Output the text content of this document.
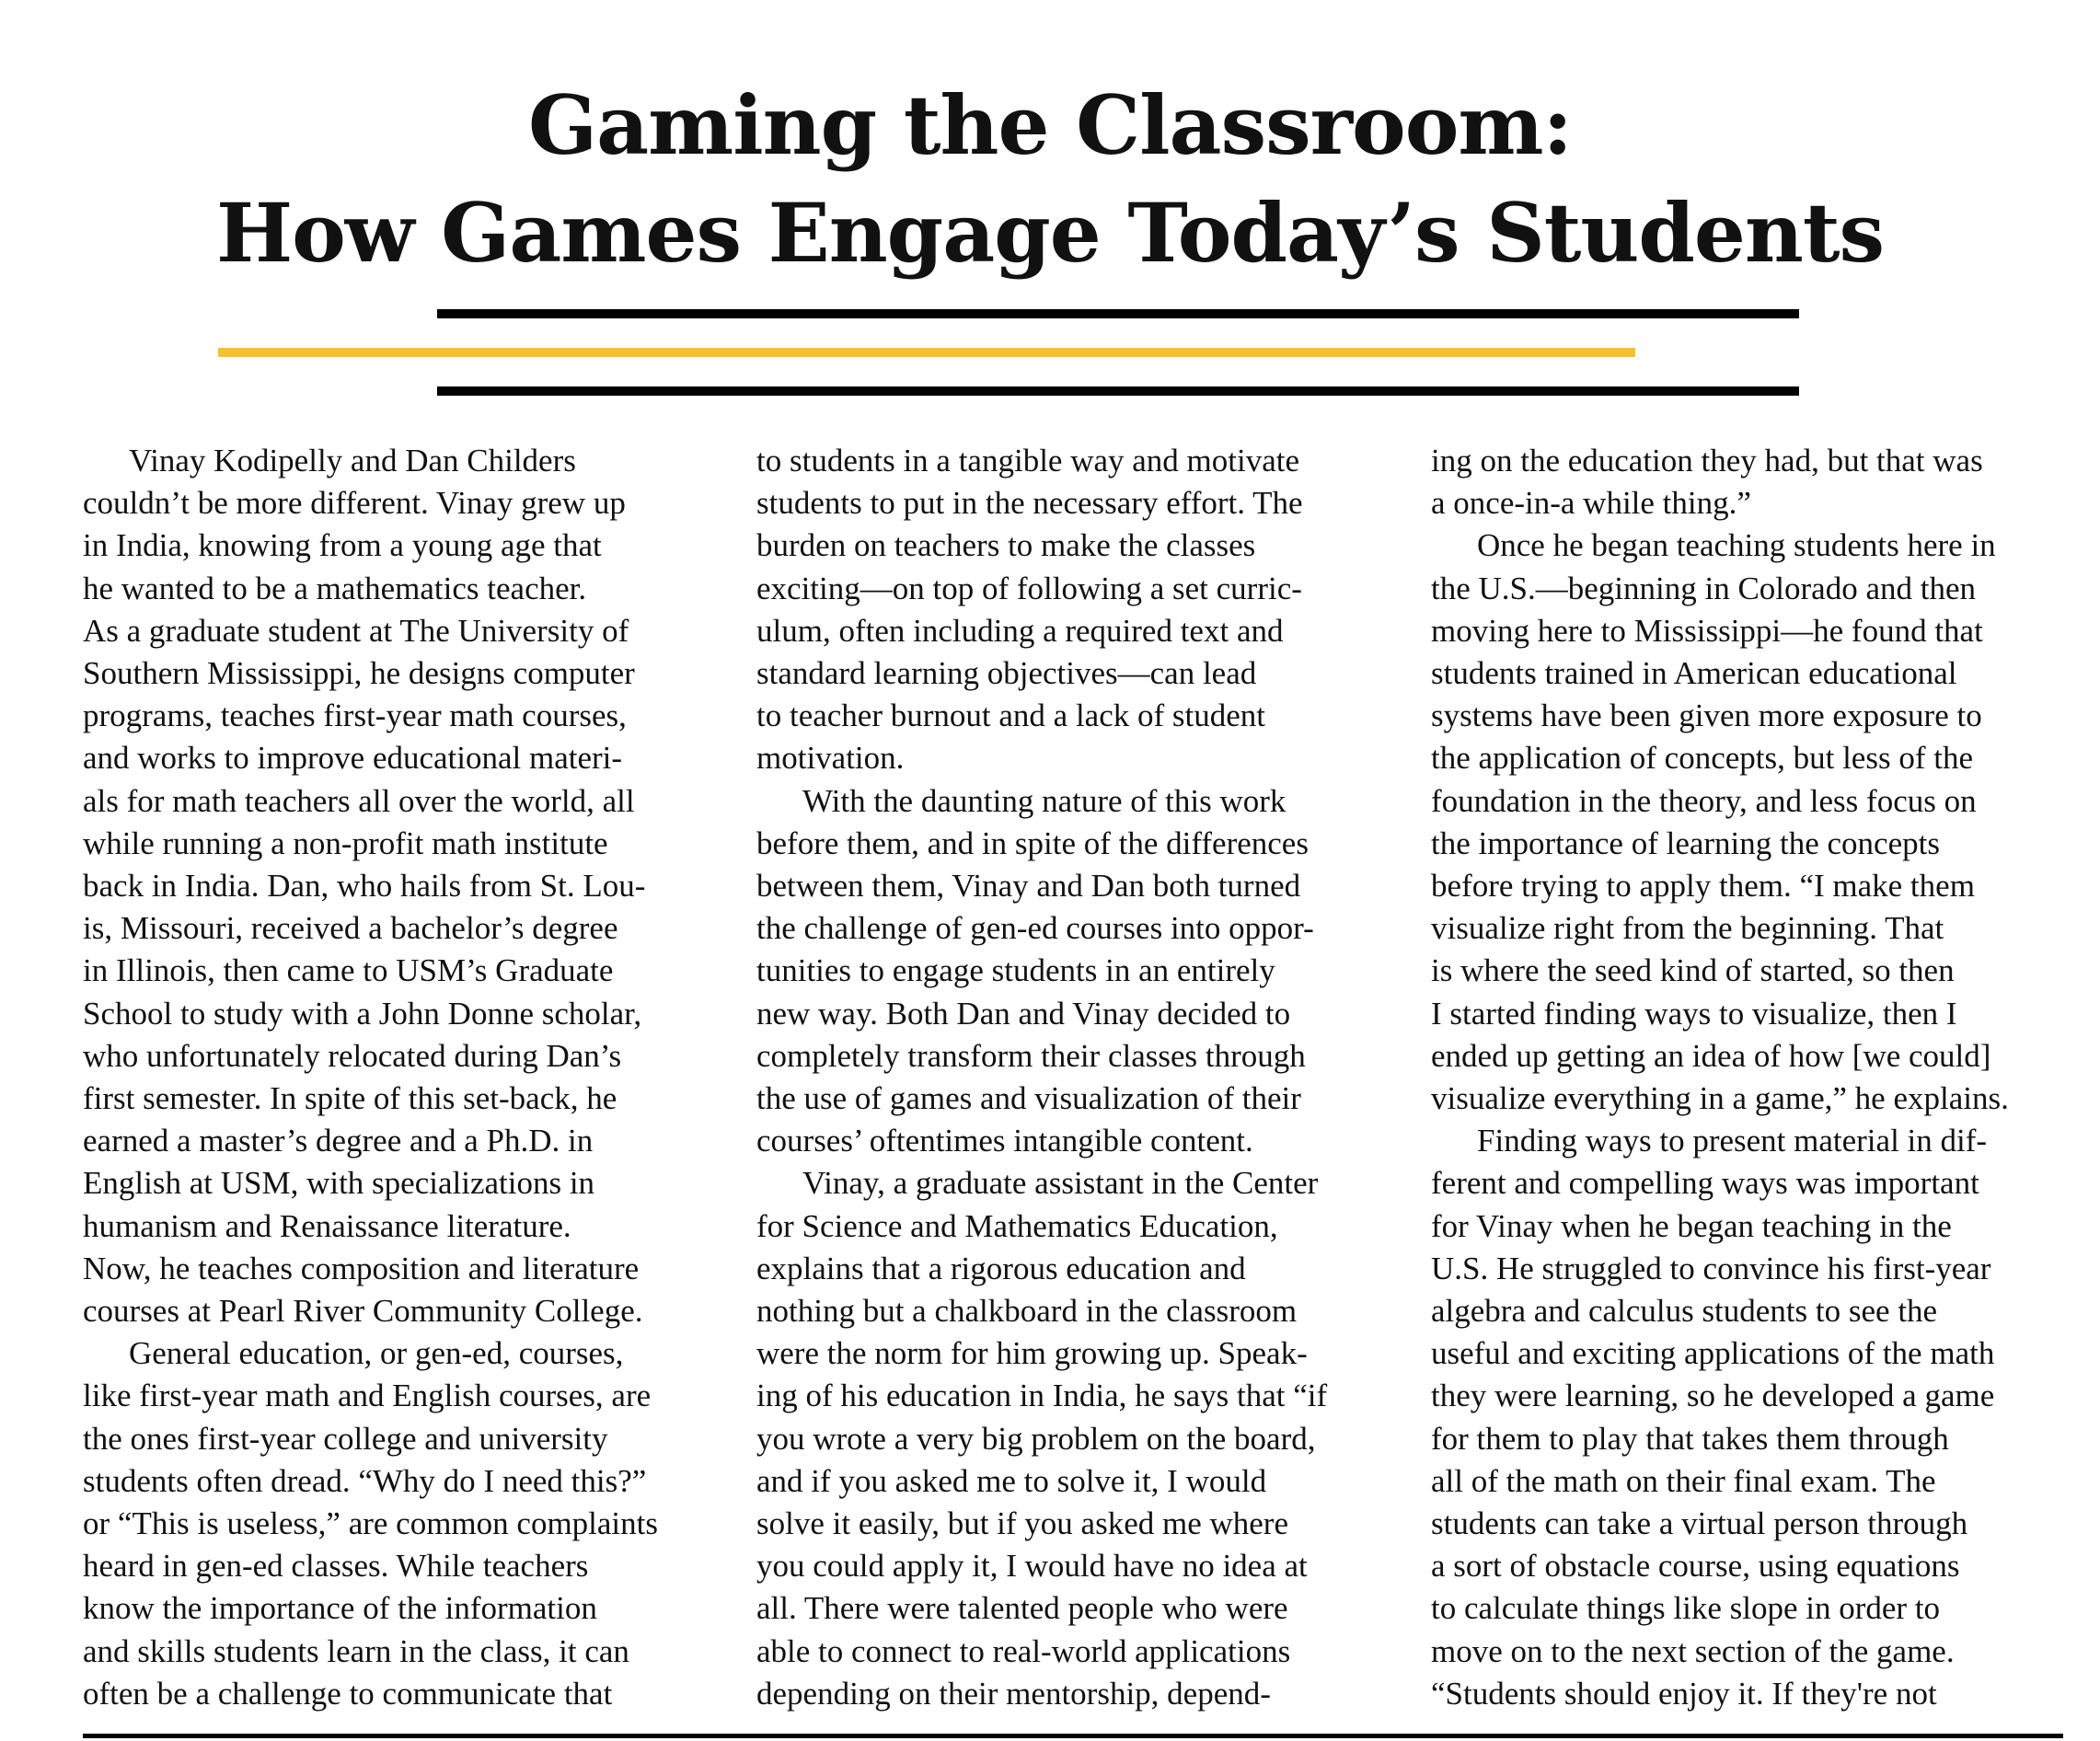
Gaming the Classroom:
How Games Engage Today’s Students

Vinay Kodipelly and Dan Childers
couldn’t be more different. Vinay grew up
in India, knowing from a young age that
he wanted to be a mathematics teacher.
As a graduate student at The University of
Southern Mississippi, he designs computer
programs, teaches first-year math courses,
and works to improve educational materi-
als for math teachers all over the world, all
while running a non-profit math institute
back in India. Dan, who hails from St. Lou-
is, Missouri, received a bachelor’s degree
in Illinois, then came to USM’s Graduate
School to study with a John Donne scholar,
who unfortunately relocated during Dan’s
first semester. In spite of this set-back, he
earned a master’s degree and a Ph.D. in
English at USM, with specializations in
humanism and Renaissance literature.
Now, he teaches composition and literature
courses at Pearl River Community College.

General education, or gen-ed, courses,
like first-year math and English courses, are
the ones first-year college and university
students often dread. “Why do I need this?”
or “This is useless,” are common complaints
heard in gen-ed classes. While teachers
know the importance of the information
and skills students learn in the class, it can
often be a challenge to communicate that

to students in a tangible way and motivate
students to put in the necessary effort. The
burden on teachers to make the classes
exciting—on top of following a set curric-
ulum, often including a required text and
standard learning objectives—can lead
to teacher burnout and a lack of student
motivation.

With the daunting nature of this work
before them, and in spite of the differences
between them, Vinay and Dan both turned
the challenge of gen-ed courses into oppor-
tunities to engage students in an entirely
new way. Both Dan and Vinay decided to
completely transform their classes through
the use of games and visualization of their
courses’ oftentimes intangible content.

Vinay, a graduate assistant in the Center
for Science and Mathematics Education,
explains that a rigorous education and
nothing but a chalkboard in the classroom
were the norm for him growing up. Speak-
ing of his education in India, he says that “if
you wrote a very big problem on the board,
and if you asked me to solve it, I would
solve it easily, but if you asked me where
you could apply it, I would have no idea at
all. There were talented people who were
able to connect to real-world applications
depending on their mentorship, depend-

ing on the education they had, but that was
a once-in-a while thing.”

Once he began teaching students here in
the U.S.—beginning in Colorado and then
moving here to Mississippi—he found that
students trained in American educational
systems have been given more exposure to
the application of concepts, but less of the
foundation in the theory, and less focus on
the importance of learning the concepts
before trying to apply them. “I make them
visualize right from the beginning. That
is where the seed kind of started, so then
I started finding ways to visualize, then I
ended up getting an idea of how [we could]
visualize everything in a game,” he explains.

Finding ways to present material in dif-
ferent and compelling ways was important
for Vinay when he began teaching in the
U.S. He struggled to convince his first-year
algebra and calculus students to see the
useful and exciting applications of the math
they were learning, so he developed a game
for them to play that takes them through
all of the math on their final exam. The
students can take a virtual person through
a sort of obstacle course, using equations
to calculate things like slope in order to
move on to the next section of the game.
“Students should enjoy it. If they're not
